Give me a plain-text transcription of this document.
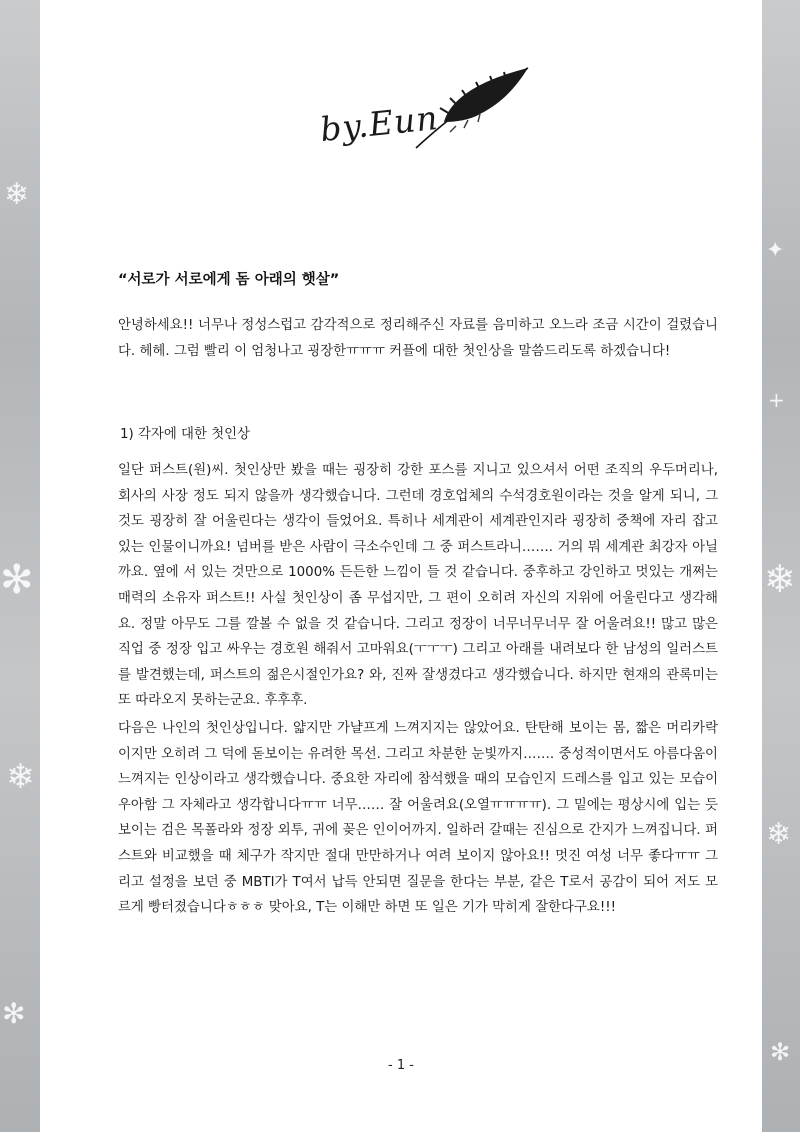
❄
✻
❄
✻
✦
+
❄
❄
✻
by.Eun
“서로가 서로에게 돔 아래의 햇살”

안녕하세요!! 너무나 정성스럽고 감각적으로 정리해주신 자료를 음미하고 오느라 조금 시간이 걸렸습니다. 헤헤. 그럼 빨리 이 엄청나고 굉장한ㅠㅠㅠ 커플에 대한 첫인상을 말씀드리도록 하겠습니다!

1) 각자에 대한 첫인상

일단 퍼스트(원)씨. 첫인상만 봤을 때는 굉장히 강한 포스를 지니고 있으셔서 어떤 조직의 우두머리나, 회사의 사장 정도 되지 않을까 생각했습니다. 그런데 경호업체의 수석경호원이라는 것을 알게 되니, 그것도 굉장히 잘 어울린다는 생각이 들었어요. 특히나 세계관이 세계관인지라 굉장히 중책에 자리 잡고 있는 인물이니까요! 넘버를 받은 사람이 극소수인데 그 중 퍼스트라니……. 거의 뭐 세계관 최강자 아닐까요. 옆에 서 있는 것만으로 1000% 든든한 느낌이 들 것 같습니다. 중후하고 강인하고 멋있는 개쩌는 매력의 소유자 퍼스트!! 사실 첫인상이 좀 무섭지만, 그 편이 오히려 자신의 지위에 어울린다고 생각해요. 정말 아무도 그를 깔볼 수 없을 것 같습니다. 그리고 정장이 너무너무너무 잘 어울려요!! 많고 많은 직업 중 정장 입고 싸우는 경호원 해줘서 고마워요(ㅜㅜㅜ) 그리고 아래를 내려보다 한 남성의 일러스트를 발견했는데, 퍼스트의 젊은시절인가요? 와, 진짜 잘생겼다고 생각했습니다. 하지만 현재의 관록미는 또 따라오지 못하는군요. 후후후.

다음은 나인의 첫인상입니다. 얇지만 가냘프게 느껴지지는 않았어요. 탄탄해 보이는 몸, 짧은 머리카락이지만 오히려 그 덕에 돋보이는 유려한 목선. 그리고 차분한 눈빛까지……. 중성적이면서도 아름다움이 느껴지는 인상이라고 생각했습니다. 중요한 자리에 참석했을 때의 모습인지 드레스를 입고 있는 모습이 우아함 그 자체라고 생각합니다ㅠㅠ 너무…… 잘 어울려요(오열ㅠㅠㅠㅠ). 그 밑에는 평상시에 입는 듯 보이는 검은 목폴라와 정장 외투, 귀에 꽂은 인이어까지. 일하러 갈때는 진심으로 간지가 느껴집니다. 퍼스트와 비교했을 때 체구가 작지만 절대 만만하거나 여려 보이지 않아요!! 멋진 여성 너무 좋다ㅠㅠ 그리고 설정을 보던 중 MBTI가 T여서 납득 안되면 질문을 한다는 부분, 같은 T로서 공감이 되어 저도 모르게 빵터졌습니다ㅎㅎㅎ 맞아요, T는 이해만 하면 또 일은 기가 막히게 잘한다구요!!!

- 1 -
